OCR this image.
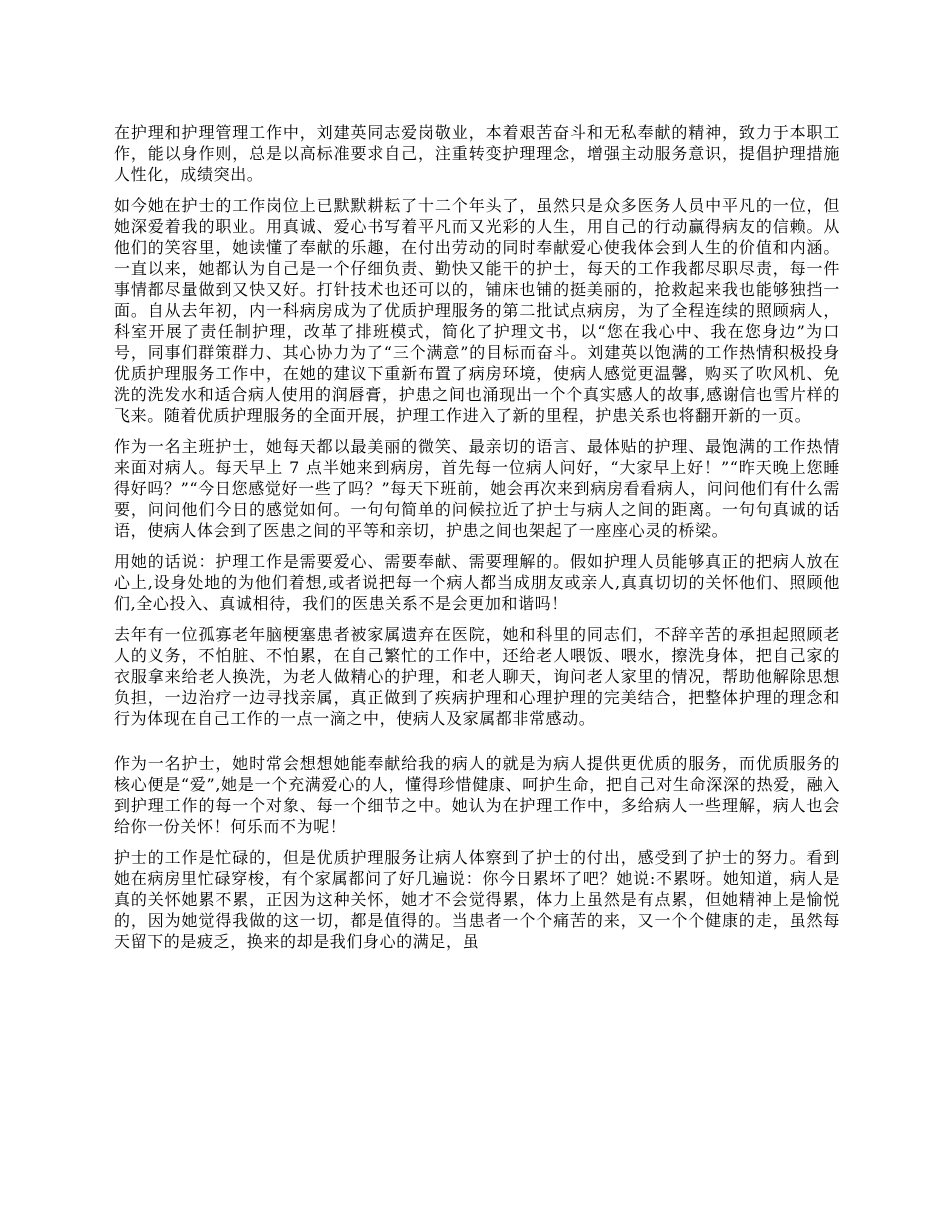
在护理和护理管理工作中，刘建英同志爱岗敬业，本着艰苦奋斗和无私奉献的精神，致力于本职工作，能以身作则，总是以高标准要求自己，注重转变护理理念，增强主动服务意识，提倡护理措施人性化，成绩突出。

如今她在护士的工作岗位上已默默耕耘了十二个年头了，虽然只是众多医务人员中平凡的一位，但她深爱着我的职业。用真诚、爱心书写着平凡而又光彩的人生，用自己的行动赢得病友的信赖。从他们的笑容里，她读懂了奉献的乐趣，在付出劳动的同时奉献爱心使我体会到人生的价值和内涵。一直以来，她都认为自己是一个仔细负责、勤快又能干的护士，每天的工作我都尽职尽责，每一件事情都尽量做到又快又好。打针技术也还可以的，铺床也铺的挺美丽的，抢救起来我也能够独挡一面。自从去年初，内一科病房成为了优质护理服务的第二批试点病房，为了全程连续的照顾病人，科室开展了责任制护理，改革了排班模式，简化了护理文书，以“您在我心中、我在您身边”为口号，同事们群策群力、其心协力为了“三个满意”的目标而奋斗。刘建英以饱满的工作热情积极投身优质护理服务工作中，在她的建议下重新布置了病房环境，使病人感觉更温馨，购买了吹风机、免洗的洗发水和适合病人使用的润唇膏，护患之间也涌现出一个个真实感人的故事,感谢信也雪片样的飞来。随着优质护理服务的全面开展，护理工作进入了新的里程，护患关系也将翻开新的一页。

作为一名主班护士，她每天都以最美丽的微笑、最亲切的语言、最体贴的护理、最饱满的工作热情来面对病人。每天早上 7 点半她来到病房，首先每一位病人问好，“大家早上好！”“昨天晚上您睡得好吗？”“今日您感觉好一些了吗？”每天下班前，她会再次来到病房看看病人，问问他们有什么需要，问问他们今日的感觉如何。一句句简单的问候拉近了护士与病人之间的距离。一句句真诚的话语，使病人体会到了医患之间的平等和亲切，护患之间也架起了一座座心灵的桥梁。

用她的话说：护理工作是需要爱心、需要奉献、需要理解的。假如护理人员能够真正的把病人放在心上,设身处地的为他们着想,或者说把每一个病人都当成朋友或亲人,真真切切的关怀他们、照顾他们,全心投入、真诚相待，我们的医患关系不是会更加和谐吗！

去年有一位孤寡老年脑梗塞患者被家属遗弃在医院，她和科里的同志们，不辞辛苦的承担起照顾老人的义务，不怕脏、不怕累，在自己繁忙的工作中，还给老人喂饭、喂水，擦洗身体，把自己家的衣服拿来给老人换洗，为老人做精心的护理，和老人聊天，询问老人家里的情况，帮助他解除思想负担，一边治疗一边寻找亲属，真正做到了疾病护理和心理护理的完美结合，把整体护理的理念和行为体现在自己工作的一点一滴之中，使病人及家属都非常感动。

作为一名护士，她时常会想想她能奉献给我的病人的就是为病人提供更优质的服务，而优质服务的核心便是“爱”,她是一个充满爱心的人，懂得珍惜健康、呵护生命，把自己对生命深深的热爱，融入到护理工作的每一个对象、每一个细节之中。她认为在护理工作中，多给病人一些理解，病人也会给你一份关怀！何乐而不为呢！

护士的工作是忙碌的，但是优质护理服务让病人体察到了护士的付出，感受到了护士的努力。看到她在病房里忙碌穿梭，有个家属都问了好几遍说：你今日累坏了吧？她说:不累呀。她知道，病人是真的关怀她累不累，正因为这种关怀，她才不会觉得累，体力上虽然是有点累，但她精神上是愉悦的，因为她觉得我做的这一切，都是值得的。当患者一个个痛苦的来，又一个个健康的走，虽然每天留下的是疲乏，换来的却是我们身心的满足，虽
